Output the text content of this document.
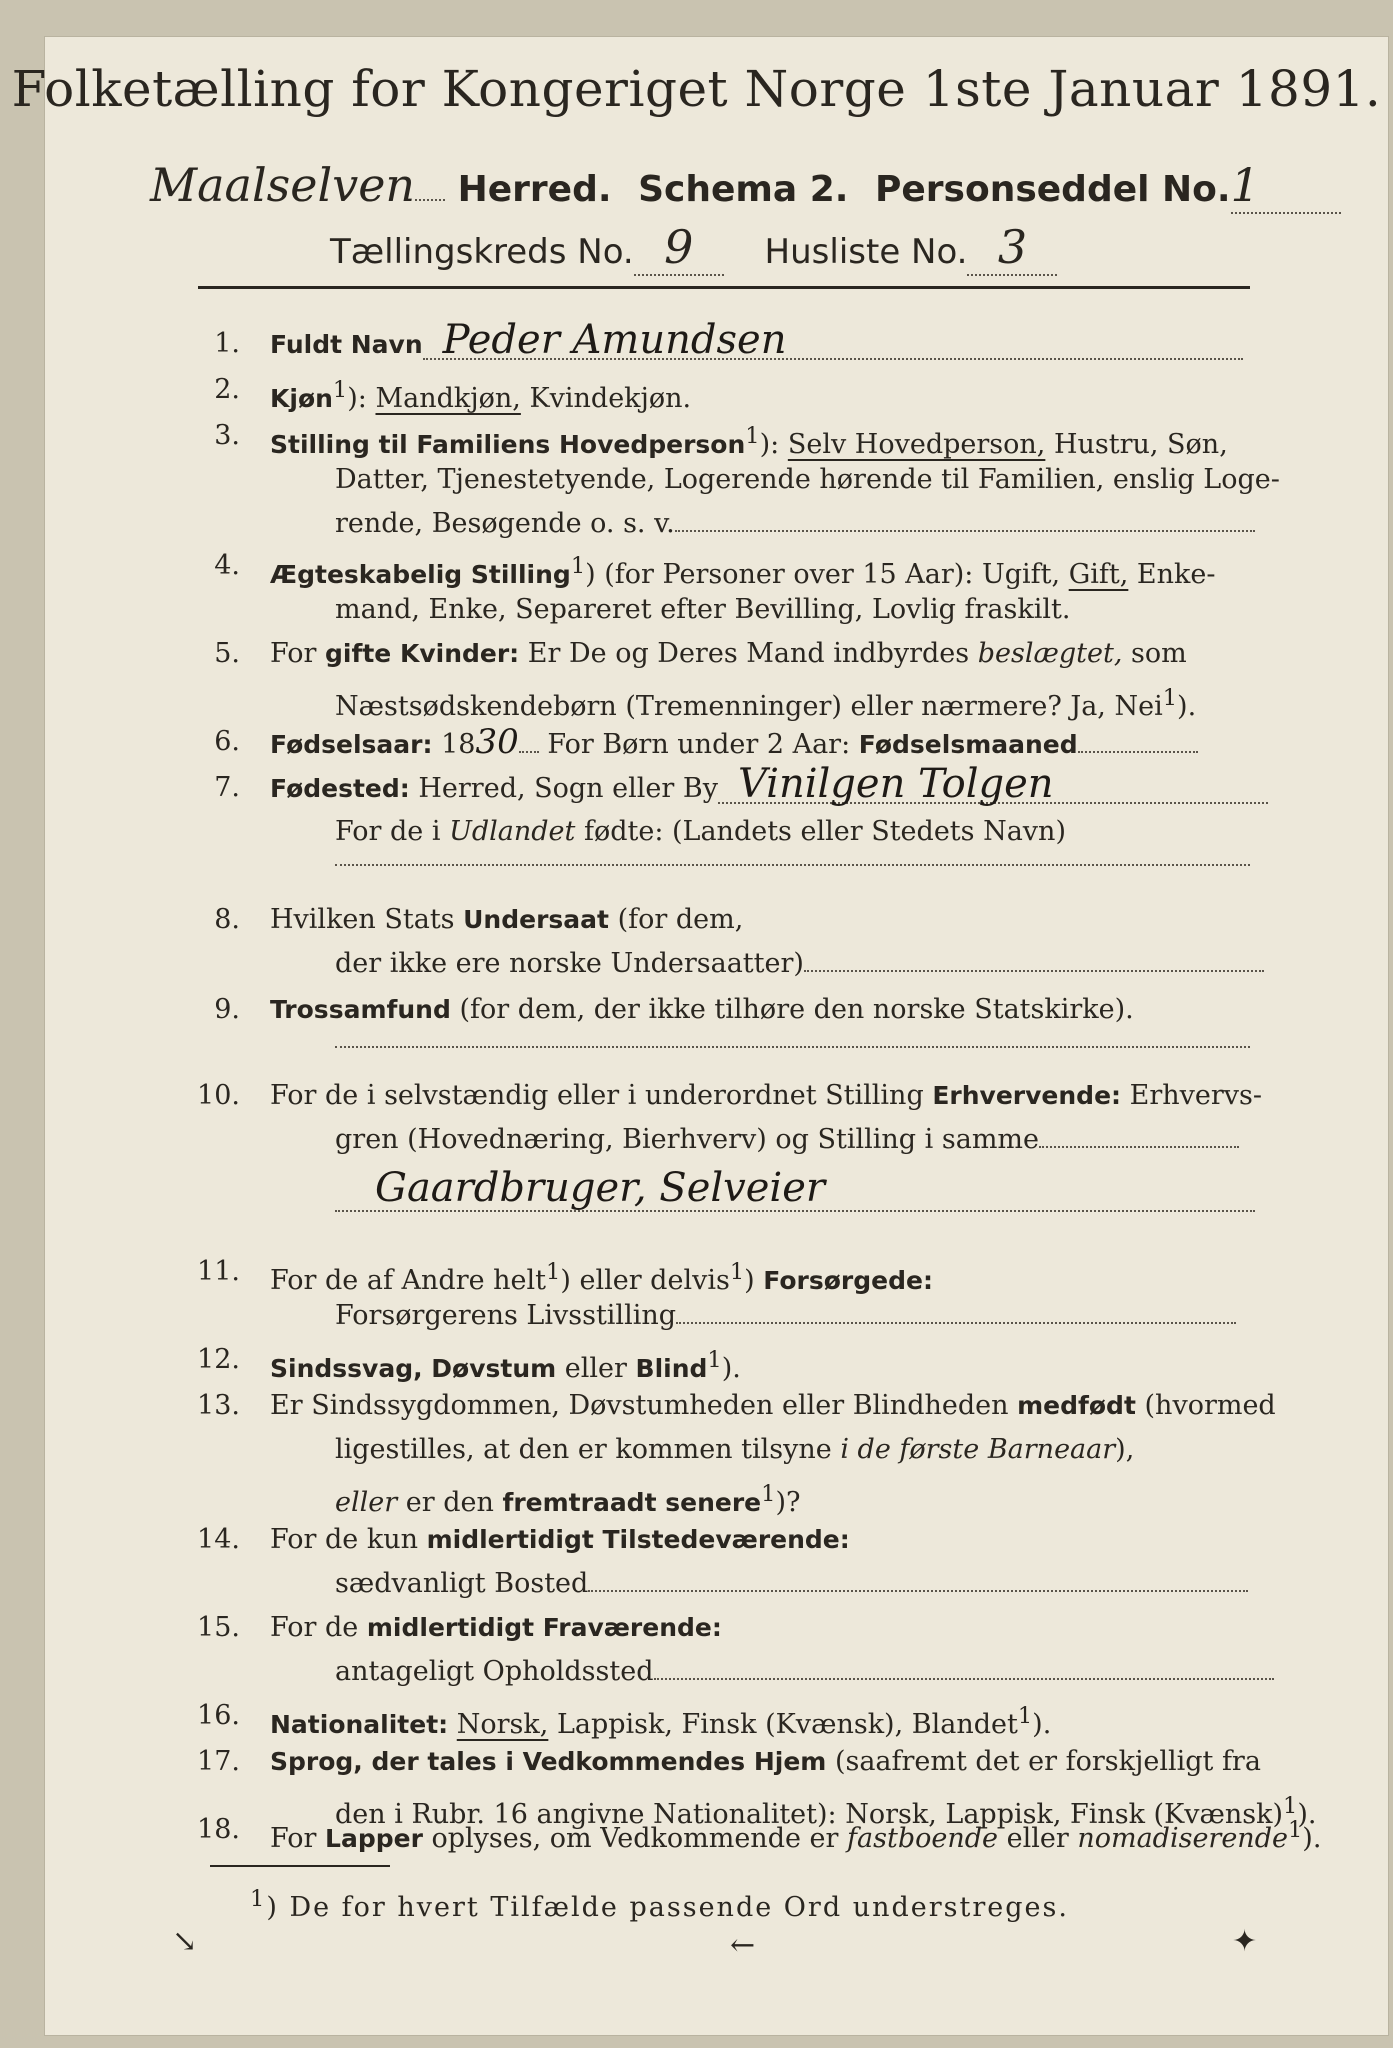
Folketælling for Kongeriget Norge 1ste Januar 1891.
Maalselven Herred. Schema 2. Personseddel No.1
Tællingskreds No. 9 Husliste No. 3
1. Fuldt Navn Peder Amundsen
2. Kjøn$^1$): Mandkjøn, Kvindekjøn.
3. Stilling til Familiens Hovedperson$^1$): Selv Hovedperson, Hustru, Søn,
Datter, Tjenestetyende, Logerende hørende til Familien, enslig Loge-
rende, Besøgende o. s. v.
4. Ægteskabelig Stilling$^1$) (for Personer over 15 Aar): Ugift, Gift, Enke-
mand, Enke, Separeret efter Bevilling, Lovlig fraskilt.
5. For gifte Kvinder: Er De og Deres Mand indbyrdes beslægtet, som
Næstsødskendebørn (Tremenninger) eller nærmere? Ja, Nei$^1$).
6. Fødselsaar: 1830 For Børn under 2 Aar: Fødselsmaaned
7. Fødested: Herred, Sogn eller By Vinilgen Tolgen
For de i Udlandet fødte: (Landets eller Stedets Navn)
8. Hvilken Stats Undersaat (for dem,
der ikke ere norske Undersaatter)
9. Trossamfund (for dem, der ikke tilhøre den norske Statskirke).
10. For de i selvstændig eller i underordnet Stilling Erhvervende: Erhvervs-
gren (Hovednæring, Bierhverv) og Stilling i samme
Gaardbruger, Selveier
11. For de af Andre helt$^1$) eller delvis$^1$) Forsørgede:
Forsørgerens Livsstilling
12. Sindssvag, Døvstum eller Blind$^1$).
13. Er Sindssygdommen, Døvstumheden eller Blindheden medfødt (hvormed
ligestilles, at den er kommen tilsyne i de første Barneaar),
eller er den fremtraadt senere$^1$)?
14. For de kun midlertidigt Tilstedeværende:
sædvanligt Bosted
15. For de midlertidigt Fraværende:
antageligt Opholdssted
16. Nationalitet: Norsk, Lappisk, Finsk (Kvænsk), Blandet$^1$).
17. Sprog, der tales i Vedkommendes Hjem (saafremt det er forskjelligt fra
den i Rubr. 16 angivne Nationalitet): Norsk, Lappisk, Finsk (Kvænsk)$^1$).
18. For Lapper oplyses, om Vedkommende er fastboende eller nomadiserende$^1$).
$^1$) De for hvert Tilfælde passende Ord understreges.
↘	←	✦
